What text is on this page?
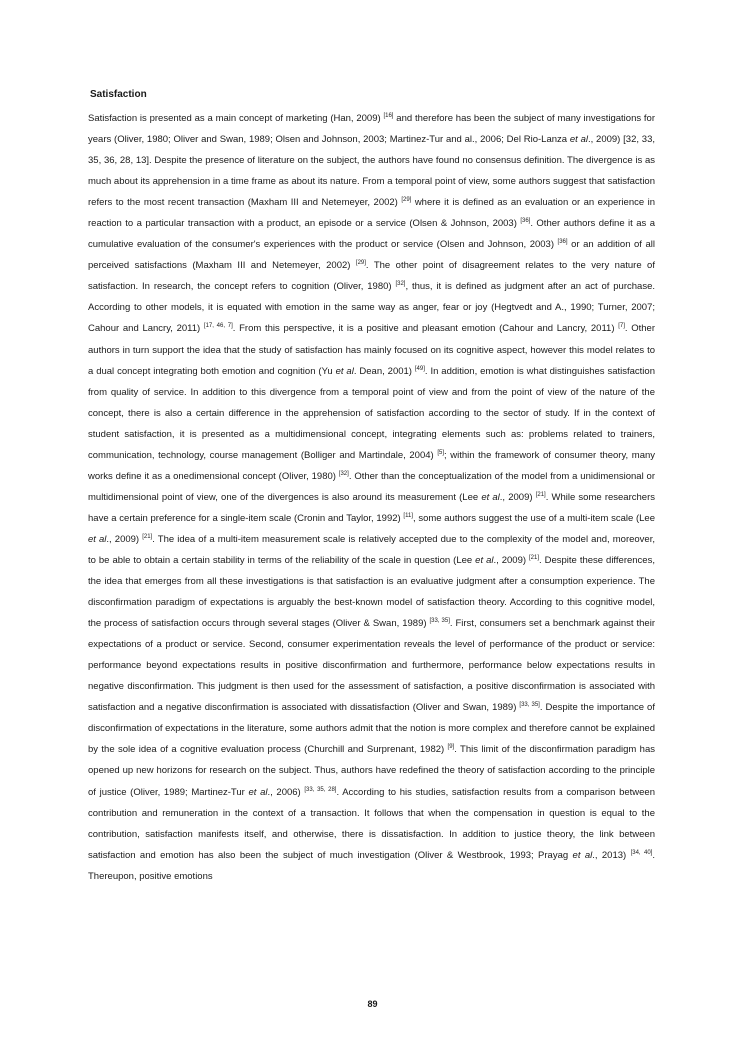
Satisfaction
Satisfaction is presented as a main concept of marketing (Han, 2009) [16] and therefore has been the subject of many investigations for years (Oliver, 1980; Oliver and Swan, 1989; Olsen and Johnson, 2003; Martinez-Tur and al., 2006; Del Rio-Lanza et al., 2009) [32, 33, 35, 36, 28, 13]. Despite the presence of literature on the subject, the authors have found no consensus definition. The divergence is as much about its apprehension in a time frame as about its nature. From a temporal point of view, some authors suggest that satisfaction refers to the most recent transaction (Maxham III and Netemeyer, 2002) [29] where it is defined as an evaluation or an experience in reaction to a particular transaction with a product, an episode or a service (Olsen & Johnson, 2003) [36]. Other authors define it as a cumulative evaluation of the consumer's experiences with the product or service (Olsen and Johnson, 2003) [36] or an addition of all perceived satisfactions (Maxham III and Netemeyer, 2002) [29]. The other point of disagreement relates to the very nature of satisfaction. In research, the concept refers to cognition (Oliver, 1980) [32], thus, it is defined as judgment after an act of purchase. According to other models, it is equated with emotion in the same way as anger, fear or joy (Hegtvedt and A., 1990; Turner, 2007; Cahour and Lancry, 2011) [17, 46, 7]. From this perspective, it is a positive and pleasant emotion (Cahour and Lancry, 2011) [7]. Other authors in turn support the idea that the study of satisfaction has mainly focused on its cognitive aspect, however this model relates to a dual concept integrating both emotion and cognition (Yu et al. Dean, 2001) [49]. In addition, emotion is what distinguishes satisfaction from quality of service. In addition to this divergence from a temporal point of view and from the point of view of the nature of the concept, there is also a certain difference in the apprehension of satisfaction according to the sector of study. If in the context of student satisfaction, it is presented as a multidimensional concept, integrating elements such as: problems related to trainers, communication, technology, course management (Bolliger and Martindale, 2004) [5]; within the framework of consumer theory, many works define it as a onedimensional concept (Oliver, 1980) [32]. Other than the conceptualization of the model from a unidimensional or multidimensional point of view, one of the divergences is also around its measurement (Lee et al., 2009) [21]. While some researchers have a certain preference for a single-item scale (Cronin and Taylor, 1992) [11], some authors suggest the use of a multi-item scale (Lee et al., 2009) [21]. The idea of a multi-item measurement scale is relatively accepted due to the complexity of the model and, moreover, to be able to obtain a certain stability in terms of the reliability of the scale in question (Lee et al., 2009) [21]. Despite these differences, the idea that emerges from all these investigations is that satisfaction is an evaluative judgment after a consumption experience. The disconfirmation paradigm of expectations is arguably the best-known model of satisfaction theory. According to this cognitive model, the process of satisfaction occurs through several stages (Oliver & Swan, 1989) [33, 35]. First, consumers set a benchmark against their expectations of a product or service. Second, consumer experimentation reveals the level of performance of the product or service: performance beyond expectations results in positive disconfirmation and furthermore, performance below expectations results in negative disconfirmation. This judgment is then used for the assessment of satisfaction, a positive disconfirmation is associated with satisfaction and a negative disconfirmation is associated with dissatisfaction (Oliver and Swan, 1989) [33, 35]. Despite the importance of disconfirmation of expectations in the literature, some authors admit that the notion is more complex and therefore cannot be explained by the sole idea of a cognitive evaluation process (Churchill and Surprenant, 1982) [9]. This limit of the disconfirmation paradigm has opened up new horizons for research on the subject. Thus, authors have redefined the theory of satisfaction according to the principle of justice (Oliver, 1989; Martinez-Tur et al., 2006) [33, 35, 28]. According to his studies, satisfaction results from a comparison between contribution and remuneration in the context of a transaction. It follows that when the compensation in question is equal to the contribution, satisfaction manifests itself, and otherwise, there is dissatisfaction. In addition to justice theory, the link between satisfaction and emotion has also been the subject of much investigation (Oliver & Westbrook, 1993; Prayag et al., 2013) [34, 40]. Thereupon, positive emotions
89
